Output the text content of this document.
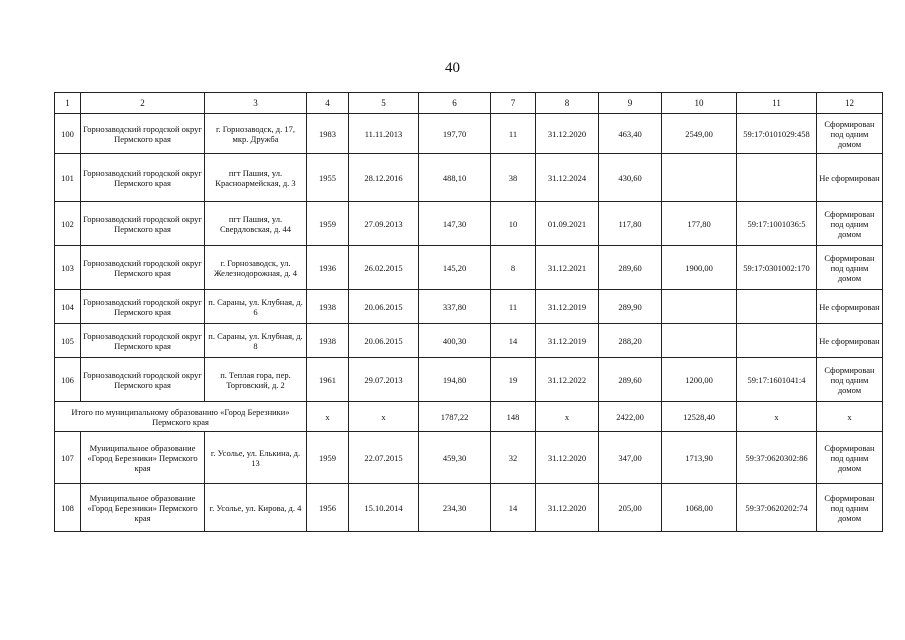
40
1	2	3	4	5	6	7	8	9	10	11	12
100	Горнозаводский городской округ Пермского края	г. Горнозаводск, д. 17, мкр. Дружба	1983	11.11.2013	197,70	11	31.12.2020	463,40	2549,00	59:17:0101029:458	Сформирован под одним домом
101	Горнозаводский городской округ Пермского края	пгт Пашия, ул. Красноармейская, д. 3	1955	28.12.2016	488,10	38	31.12.2024	430,60			Не сформирован
102	Горнозаводский городской округ Пермского края	пгт Пашия, ул. Свердловская, д. 44	1959	27.09.2013	147,30	10	01.09.2021	117,80	177,80	59:17:1001036:5	Сформирован под одним домом
103	Горнозаводский городской округ Пермского края	г. Горнозаводск, ул. Железнодорожная, д. 4	1936	26.02.2015	145,20	8	31.12.2021	289,60	1900,00	59:17:0301002:170	Сформирован под одним домом
104	Горнозаводский городской округ Пермского края	п. Сараны, ул. Клубная, д. 6	1938	20.06.2015	337,80	11	31.12.2019	289,90			Не сформирован
105	Горнозаводский городской округ Пермского края	п. Сараны, ул. Клубная, д. 8	1938	20.06.2015	400,30	14	31.12.2019	288,20			Не сформирован
106	Горнозаводский городской округ Пермского края	п. Теплая гора, пер. Торговский, д. 2	1961	29.07.2013	194,80	19	31.12.2022	289,60	1200,00	59:17:1601041:4	Сформирован под одним домом
Итого по муниципальному образованию «Город Березники» Пермского края			х	х	1787,22	148	х	2422,00	12528,40	х	х
107	Муниципальное образование «Город Березники» Пермского края	г. Усолье, ул. Елькина, д. 13	1959	22.07.2015	459,30	32	31.12.2020	347,00	1713,90	59:37:0620302:86	Сформирован под одним домом
108	Муниципальное образование «Город Березники» Пермского края	г. Усолье, ул. Кирова, д. 4	1956	15.10.2014	234,30	14	31.12.2020	205,00	1068,00	59:37:0620202:74	Сформирован под одним домом
